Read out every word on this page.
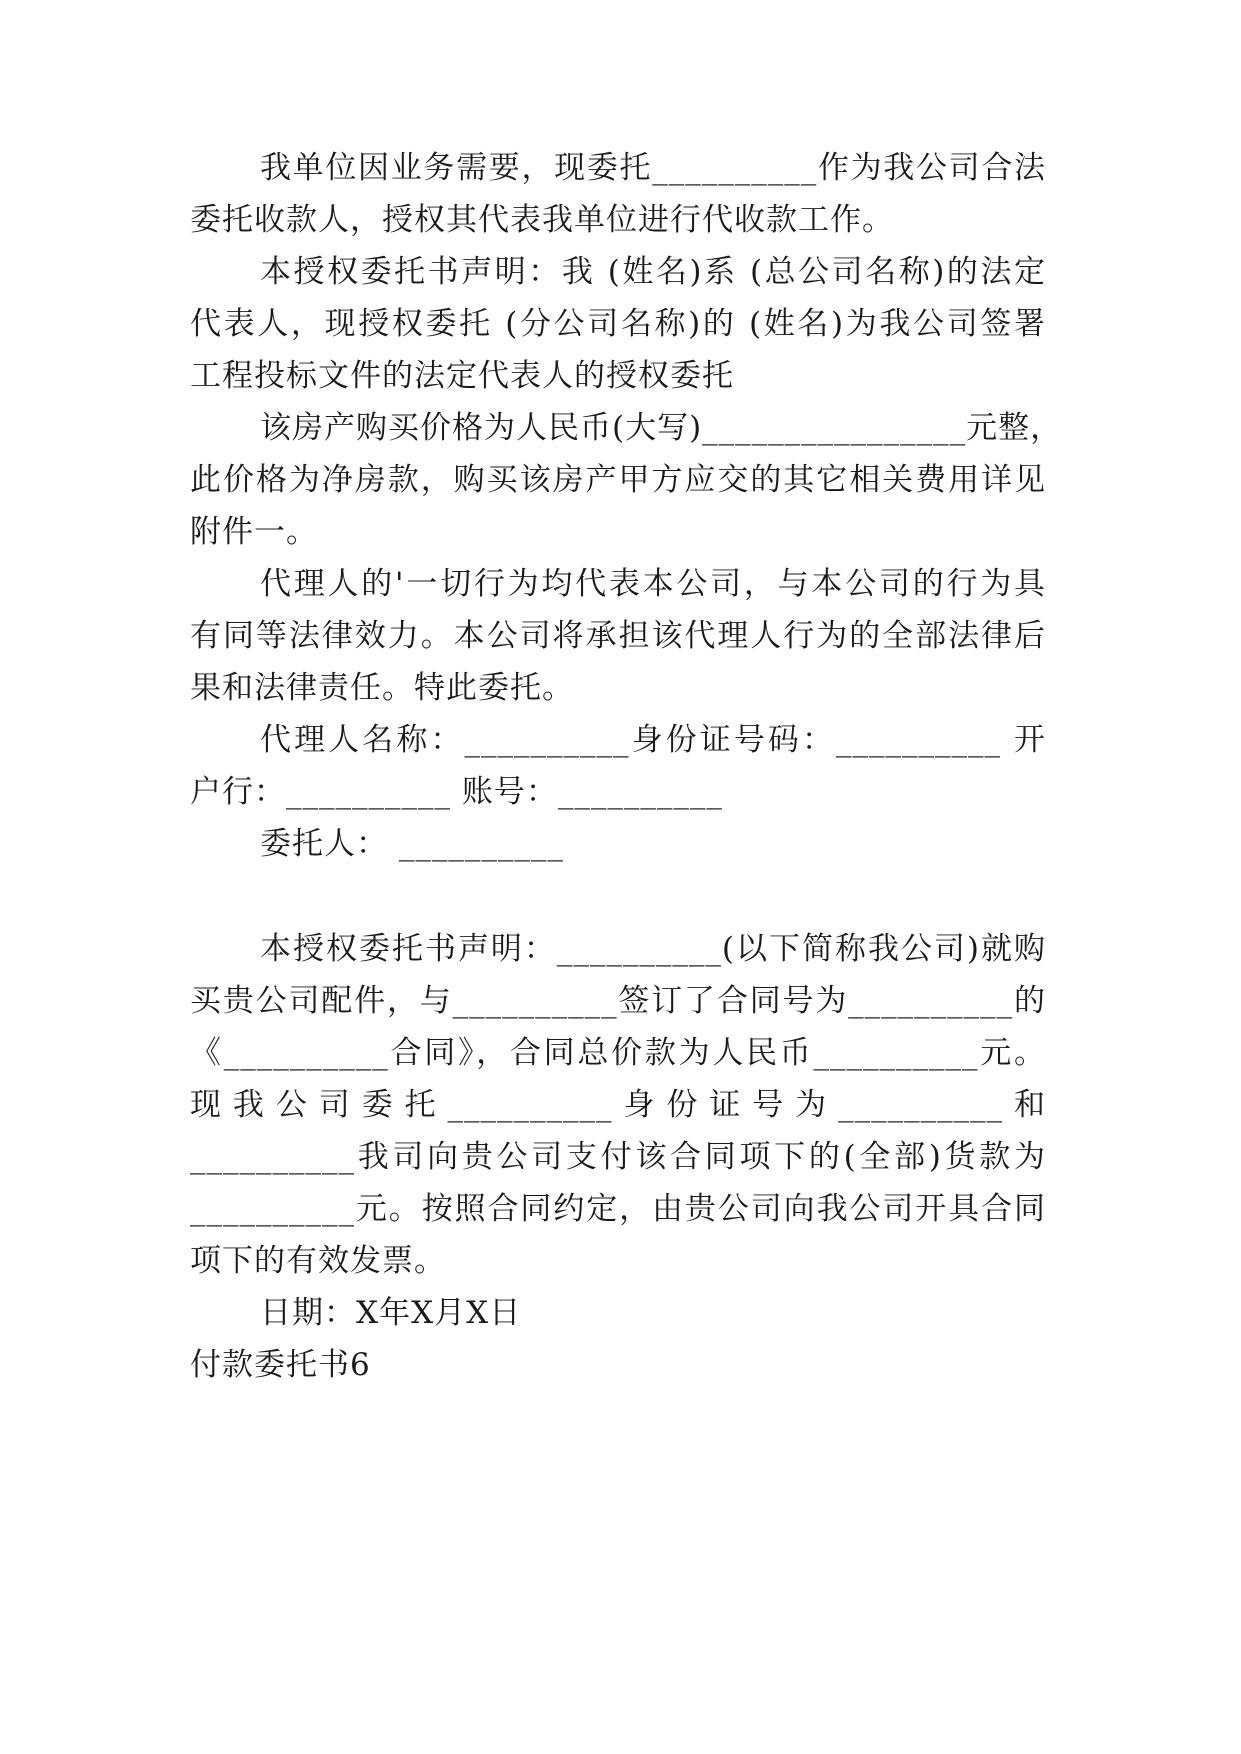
我单位因业务需要，现委托__________作为我公司合法
委托收款人，授权其代表我单位进行代收款工作。
本授权委托书声明：我 (姓名)系 (总公司名称)的法定
代表人，现授权委托 (分公司名称)的 (姓名)为我公司签署
工程投标文件的法定代表人的授权委托
该房产购买价格为人民币(大写)________________元整，
此价格为净房款，购买该房产甲方应交的其它相关费用详见
附件一。
代理人的'一切行为均代表本公司，与本公司的行为具
有同等法律效力。本公司将承担该代理人行为的全部法律后
果和法律责任。特此委托。
代理人名称：__________身份证号码：__________ 开
户行：__________ 账号：__________
委托人： __________
本授权委托书声明：__________(以下简称我公司)就购
买贵公司配件，与__________签订了合同号为__________的
《__________合同》，合同总价款为人民币__________元。
现我公司委托__________身份证号为__________和
__________我司向贵公司支付该合同项下的(全部)货款为
__________元。按照合同约定，由贵公司向我公司开具合同
项下的有效发票。
日期：X年X月X日
付款委托书6
